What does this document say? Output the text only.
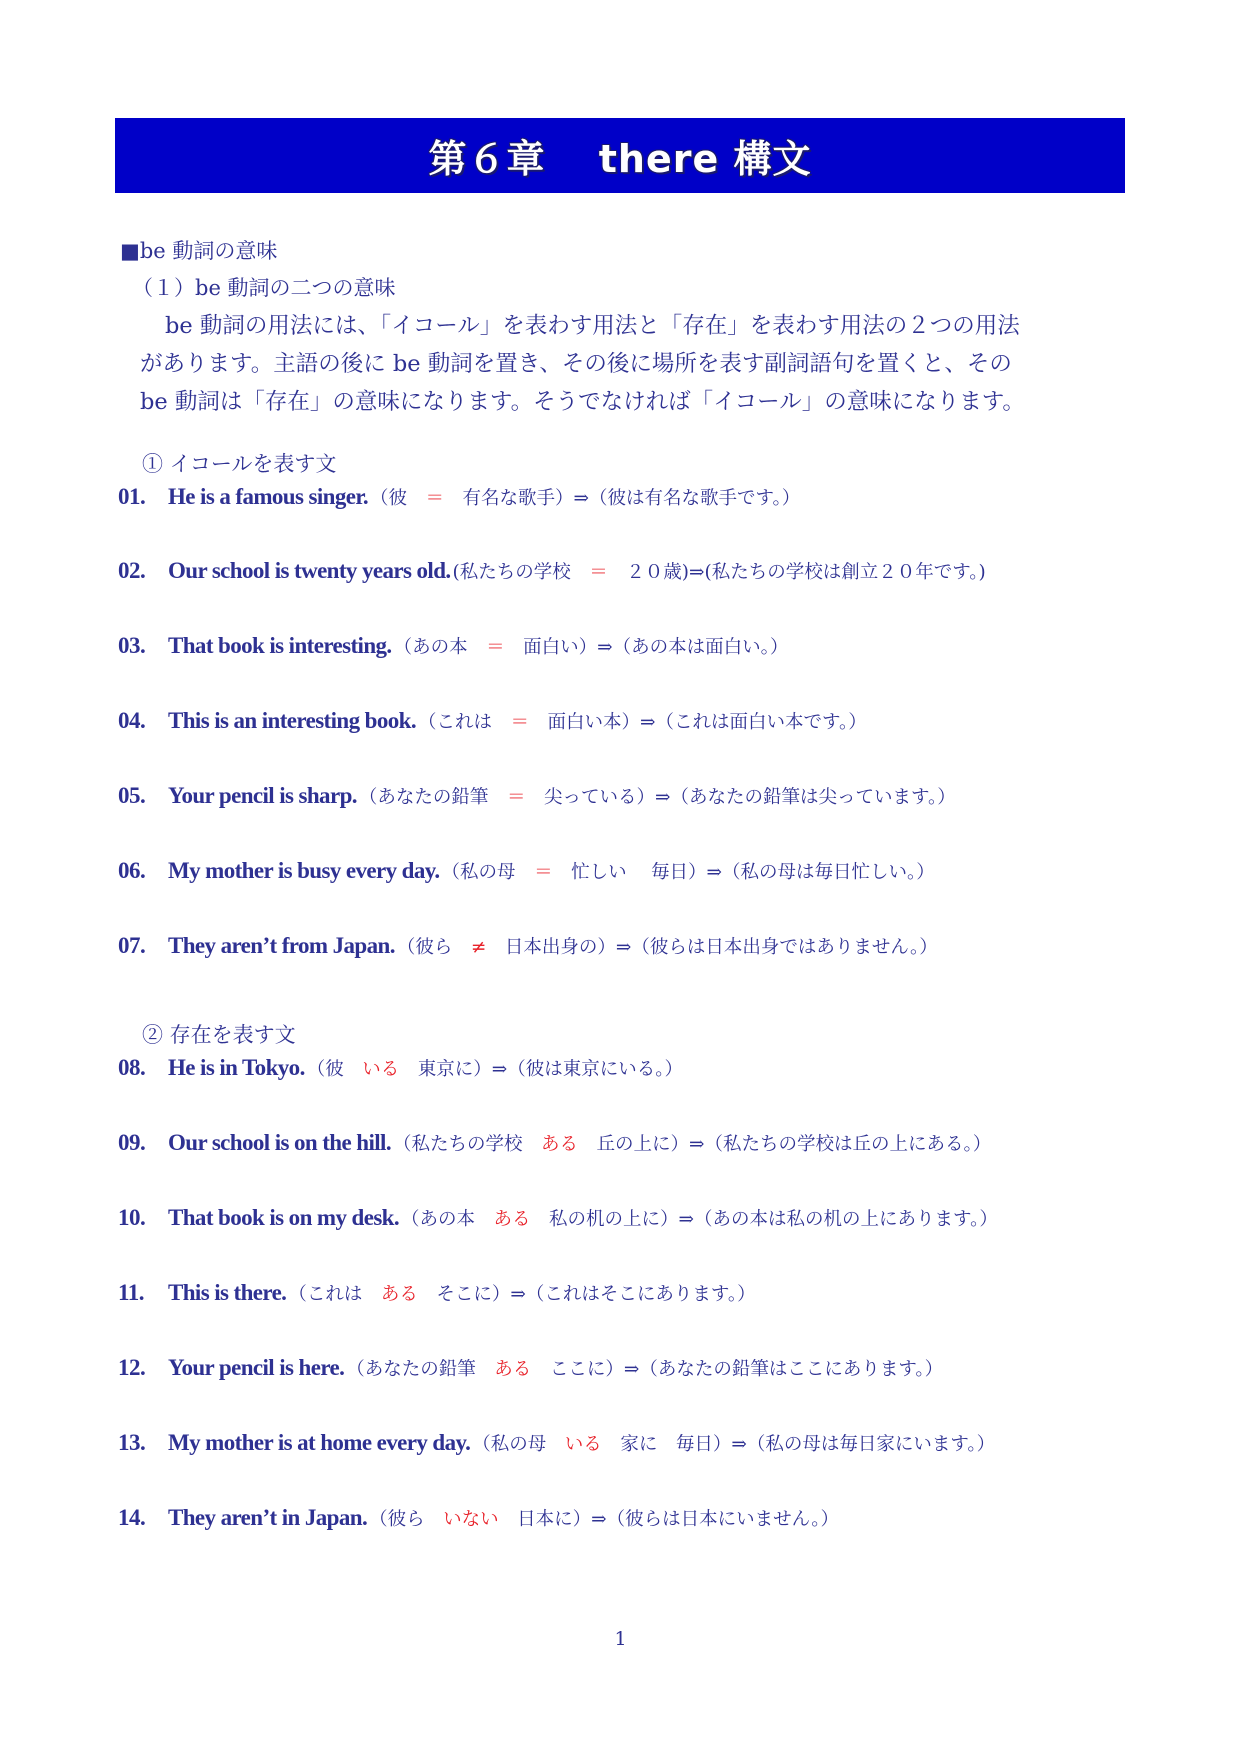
第６章　 there 構文
■be 動詞の意味
（１）be 動詞の二つの意味
be 動詞の用法には、「イコール」を表わす用法と「存在」を表わす用法の２つの用法
があります。主語の後に be 動詞を置き、その後に場所を表す副詞語句を置くと、その
be 動詞は「存在」の意味になります。そうでなければ「イコール」の意味になります。
① イコールを表す文
01. He is a famous singer. （彼　 ＝ 　有名な歌手）⇒（彼は有名な歌手です。）
02. Our school is twenty years old. (私たちの学校　 ＝ 　２０歳)⇒(私たちの学校は創立２０年です。)
03. That book is interesting. （あの本　 ＝ 　面白い）⇒（あの本は面白い。）
04. This is an interesting book. （これは　 ＝ 　面白い本）⇒（これは面白い本です。）
05. Your pencil is sharp. （あなたの鉛筆　 ＝ 　尖っている）⇒（あなたの鉛筆は尖っています。）
06. My mother is busy every day. （私の母　 ＝ 　忙しい　 毎日）⇒（私の母は毎日忙しい。）
07. They aren’t from Japan. （彼ら　 ≠ 　日本出身の）⇒（彼らは日本出身ではありません。）
② 存在を表す文
08. He is in Tokyo. （彼　 いる 　東京に）⇒（彼は東京にいる。）
09. Our school is on the hill. （私たちの学校　 ある 　丘の上に）⇒（私たちの学校は丘の上にある。）
10. That book is on my desk. （あの本　 ある 　私の机の上に）⇒（あの本は私の机の上にあります。）
11.	This is there. （これは　 ある 　そこに）⇒（これはそこにあります。）
12. Your pencil is here. （あなたの鉛筆　 ある 　ここに）⇒（あなたの鉛筆はここにあります。）
13. My mother is at home every day. （私の母　 いる 　家に　毎日）⇒（私の母は毎日家にいます。）
14. They aren’t in Japan. （彼ら　 いない 　日本に）⇒（彼らは日本にいません。）
1
